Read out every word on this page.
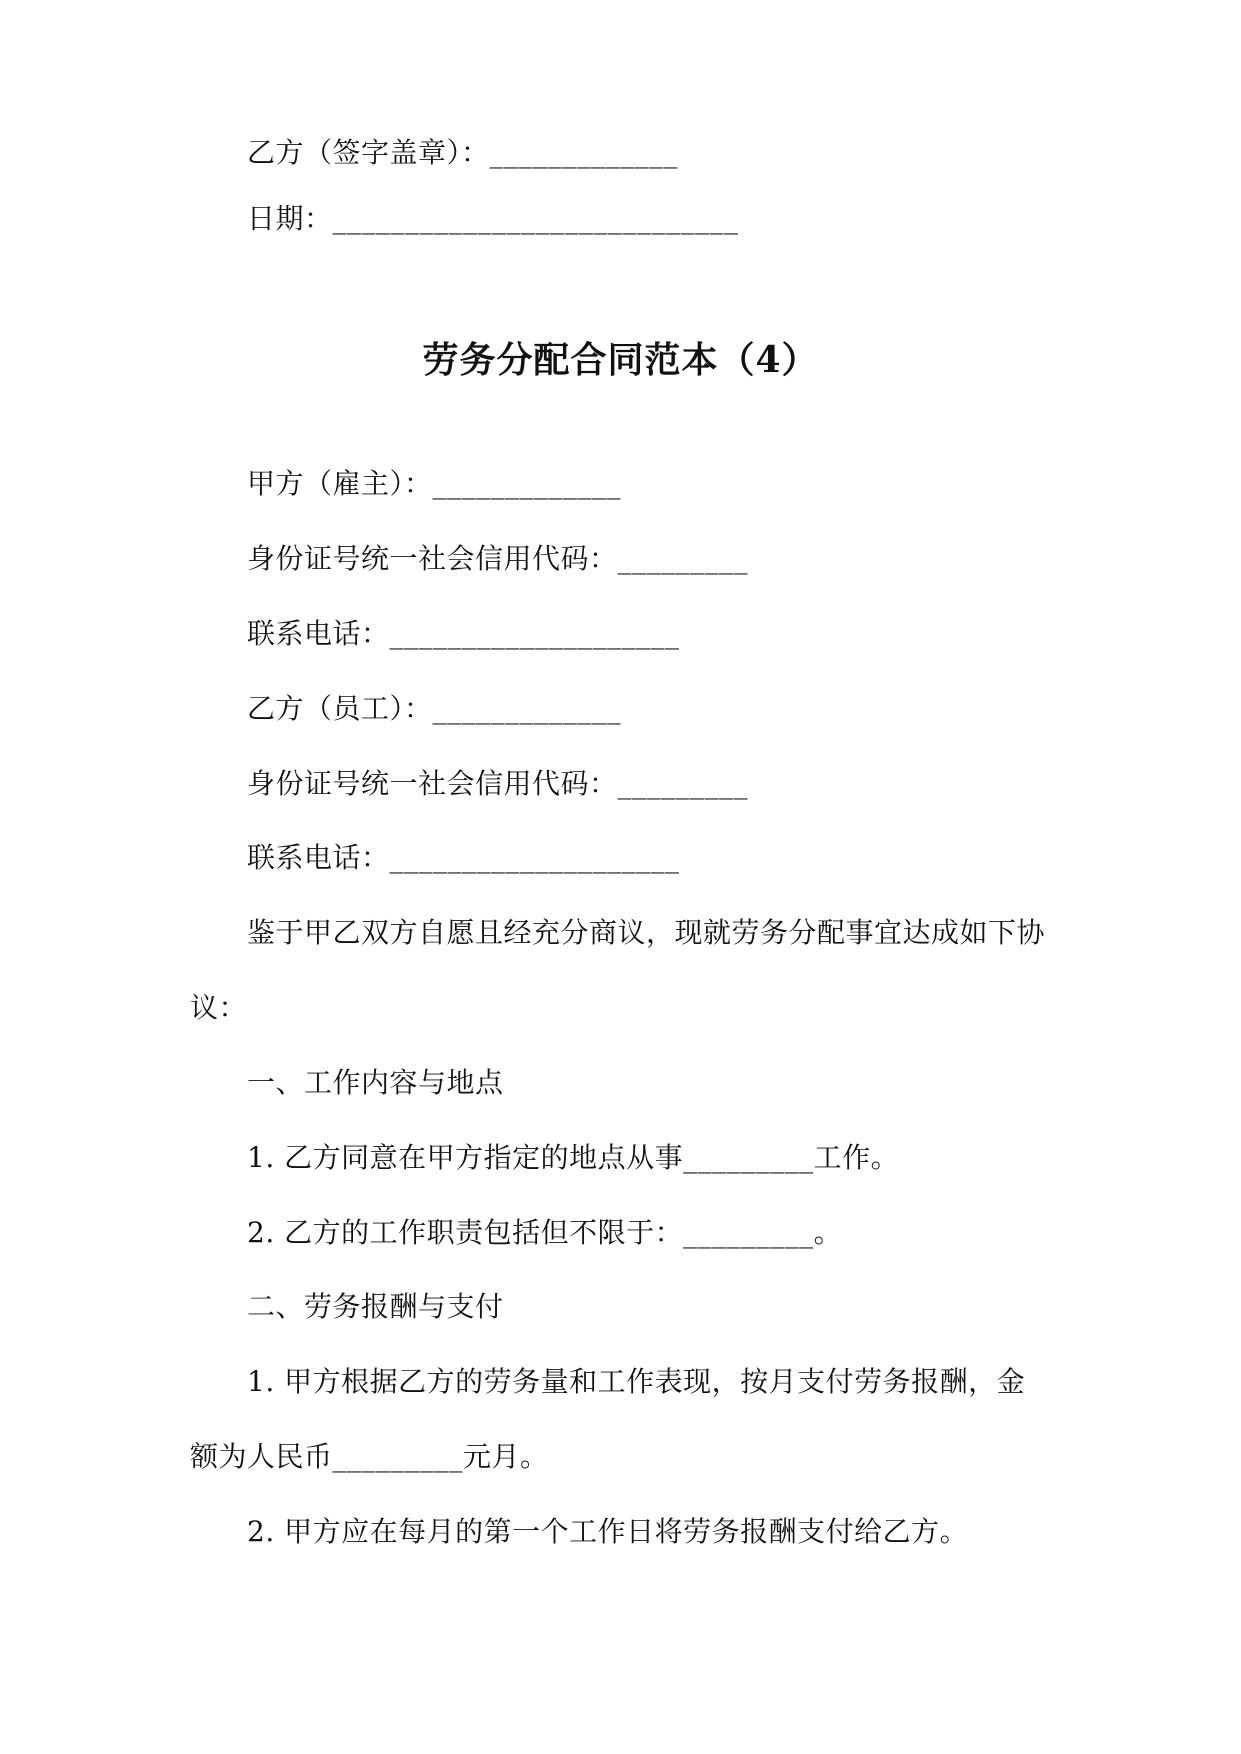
乙方（签字盖章）：_____________
日期：____________________________
劳务分配合同范本（4）
甲方（雇主）：_____________
身份证号统一社会信用代码：_________
联系电话：____________________
乙方（员工）：_____________
身份证号统一社会信用代码：_________
联系电话：____________________
鉴于甲乙双方自愿且经充分商议，现就劳务分配事宜达成如下协
议：
一、工作内容与地点
1. 乙方同意在甲方指定的地点从事_________工作。
2. 乙方的工作职责包括但不限于：_________。
二、劳务报酬与支付
1. 甲方根据乙方的劳务量和工作表现，按月支付劳务报酬，金
额为人民币_________元月。
2. 甲方应在每月的第一个工作日将劳务报酬支付给乙方。
